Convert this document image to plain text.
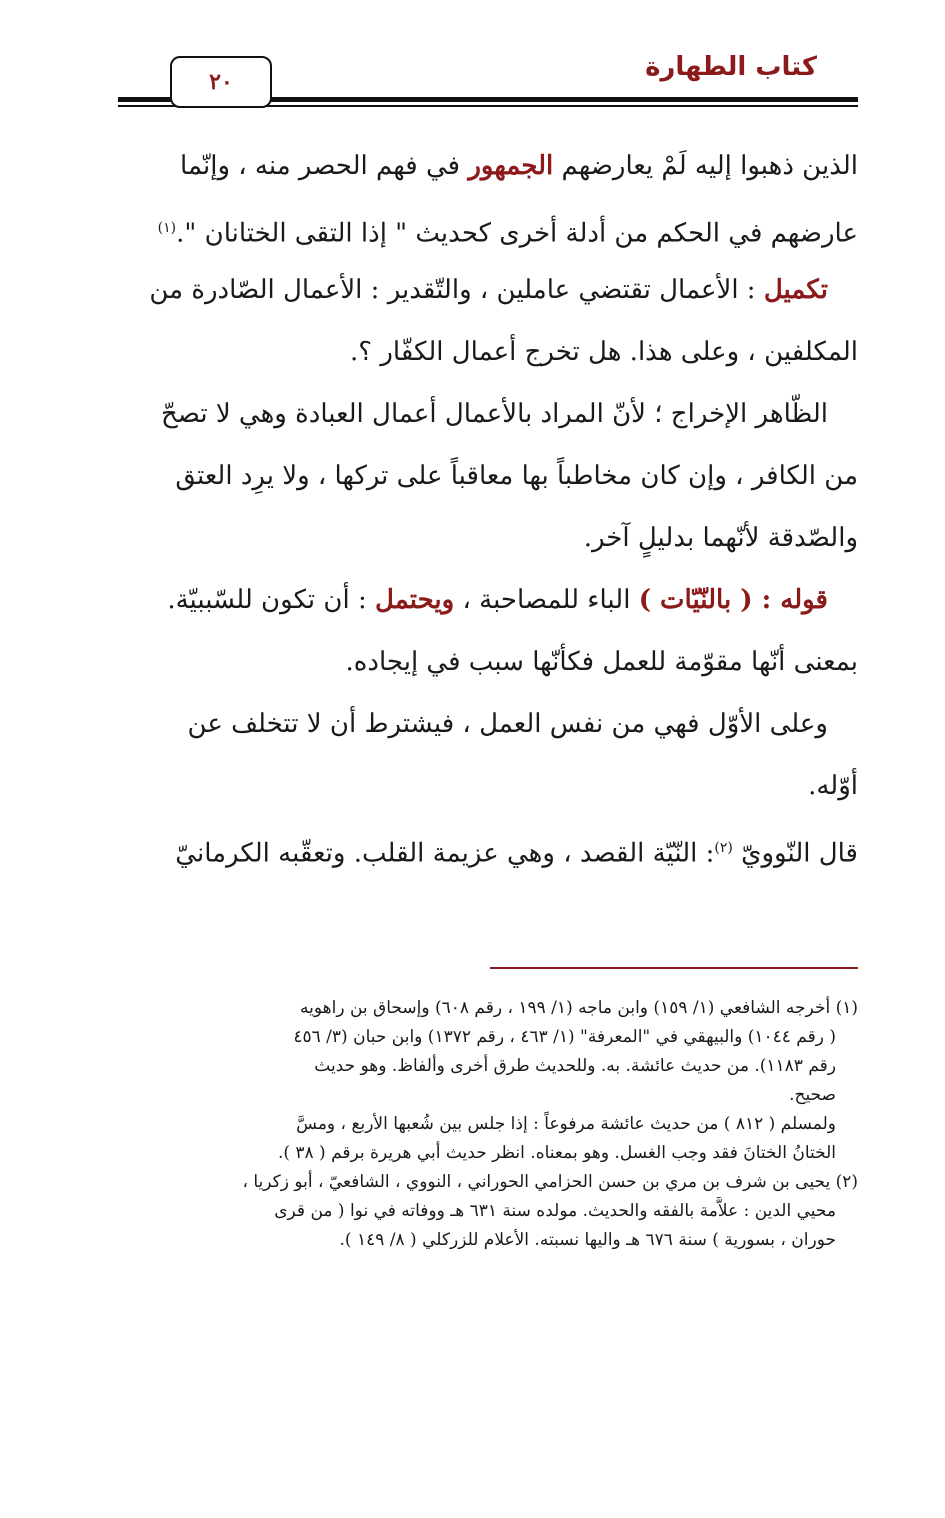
كتاب الطهارة
٢٠
الذين ذهبوا إليه لَمْ يعارضهم الجمهور في فهم الحصر منه ، وإنّما
عارضهم في الحكم من أدلة أخرى كحديث " إذا التقى الختانان ".$^{(١)}$
تكميل : الأعمال تقتضي عاملين ، والتّقدير : الأعمال الصّادرة من
المكلفين ، وعلى هذا. هل تخرج أعمال الكفّار ؟.
الظّاهر الإخراج ؛ لأنّ المراد بالأعمال أعمال العبادة وهي لا تصحّ
من الكافر ، وإن كان مخاطباً بها معاقباً على تركها ، ولا يرِد العتق
والصّدقة لأنّهما بدليلٍ آخر.
قوله : ( بالنّيّات ) الباء للمصاحبة ، ويحتمل : أن تكون للسّببيّة.
بمعنى أنّها مقوّمة للعمل فكأنّها سبب في إيجاده.
وعلى الأوّل فهي من نفس العمل ، فيشترط أن لا تتخلف عن
أوّله.
قال النّوويّ $^{(٢)}$: النّيّة القصد ، وهي عزيمة القلب. وتعقّبه الكرمانيّ
(١) أخرجه الشافعي (١/ ١٥٩) وابن ماجه (١/ ١٩٩ ، رقم ٦٠٨) وإسحاق بن راهويه
( رقم ١٠٤٤) والبيهقي في "المعرفة" (١/ ٤٦٣ ، رقم ١٣٧٢) وابن حبان (٣/ ٤٥٦
رقم ١١٨٣). من حديث عائشة. به. وللحديث طرق أخرى وألفاظ. وهو حديث
صحيح.
ولمسلم ( ٨١٢ ) من حديث عائشة مرفوعاً : إذا جلس بين شُعبها الأربع ، ومسَّ
الختانُ الختانَ فقد وجب الغسل. وهو بمعناه. انظر حديث أبي هريرة برقم ( ٣٨ ).
(٢) يحيى بن شرف بن مري بن حسن الحزامي الحوراني ، النووي ، الشافعيّ ، أبو زكريا ،
محيي الدين : علاَّمة بالفقه والحديث. مولده سنة ٦٣١ هـ ووفاته في نوا ( من قرى
حوران ، بسورية ) سنة ٦٧٦ هـ واليها نسبته. الأعلام للزركلي ( ٨/ ١٤٩ ).
